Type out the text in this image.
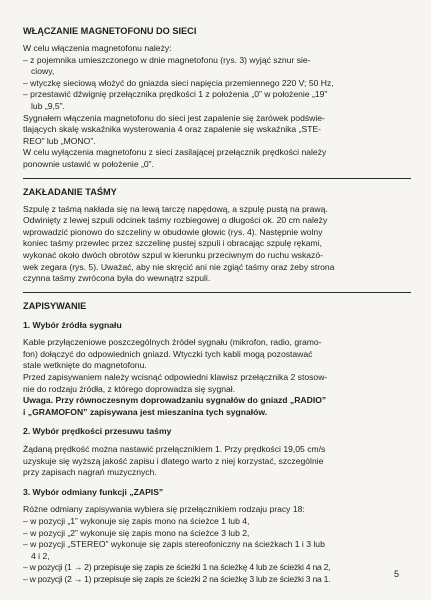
WŁĄCZANIE MAGNETOFONU DO SIECI
W celu włączenia magnetofonu należy:
– z pojemnika umieszczonego w dnie magnetofonu (rys. 3) wyjąć sznur sie-
ciowy,
– wtyczkę sieciową włożyć do gniazda sieci napięcia przemiennego 220 V; 50 Hz,
– przestawić dźwignię przełącznika prędkości 1 z położenia „0” w położenie „19”
lub „9,5”.
Sygnałem włączenia magnetofonu do sieci jest zapalenie się żarówek podświe-
tlających skalę wskaźnika wysterowania 4 oraz zapalenie się wskaźnika „STE-
REO” lub „MONO”.
W celu wyłączenia magnetofonu z sieci zasilającej przełącznik prędkości należy
ponownie ustawić w położenie „0”.
ZAKŁADANIE TAŚMY
Szpulę z taśmą nakłada się na lewą tarczę napędową, a szpulę pustą na prawą.
Odwinięty z lewej szpuli odcinek taśmy rozbiegowej o długości ok. 20 cm należy
wprowadzić pionowo do szczeliny w obudowie głowic (rys. 4). Następnie wolny
koniec taśmy przewlec przez szczelinę pustej szpuli i obracając szpulę rękami,
wykonać około dwóch obrotów szpul w kierunku przeciwnym do ruchu wskazó-
wek zegara (rys. 5). Uważać, aby nie skręcić ani nie zgiąć taśmy oraz żeby strona
czynna taśmy zwrócona była do wewnątrz szpuli.
ZAPISYWANIE
1. Wybór źródła sygnału
Kable przyłączeniowe poszczególnych źródeł sygnału (mikrofon, radio, gramo-
fon) dołączyć do odpowiednich gniazd. Wtyczki tych kabli mogą pozostawać
stale wetknięte do magnetofonu.
Przed zapisywaniem należy wcisnąć odpowiedni klawisz przełącznika 2 stosow-
nie do rodzaju źródła, z którego doprowadza się sygnał.
Uwaga. Przy równoczesnym doprowadzaniu sygnałów do gniazd „RADIO”
i „GRAMOFON” zapisywana jest mieszanina tych sygnałów.
2. Wybór prędkości przesuwu taśmy
Żądaną prędkość można nastawić przełącznikiem 1. Przy prędkości 19,05 cm/s
uzyskuje się wyższą jakość zapisu i dlatego warto z niej korzystać, szczególnie
przy zapisach nagrań muzycznych.
3. Wybór odmiany funkcji „ZAPIS”
Różne odmiany zapisywania wybiera się przełącznikiem rodzaju pracy 18:
– w pozycji „1” wykonuje się zapis mono na ścieżce 1 lub 4,
– w pozycji „2” wykonuje się zapis mono na ścieżce 3 lub 2,
– w pozycji „STEREO” wykonuje się zapis stereofoniczny na ścieżkach 1 i 3 lub
4 i 2,
– w pozycji (1 → 2) przepisuje się zapis ze ścieżki 1 na ścieżkę 4 lub ze ścieżki 4 na 2,
– w pozycji (2 → 1) przepisuje się zapis ze ścieżki 2 na ścieżkę 3 lub ze ścieżki 3 na 1.	5
